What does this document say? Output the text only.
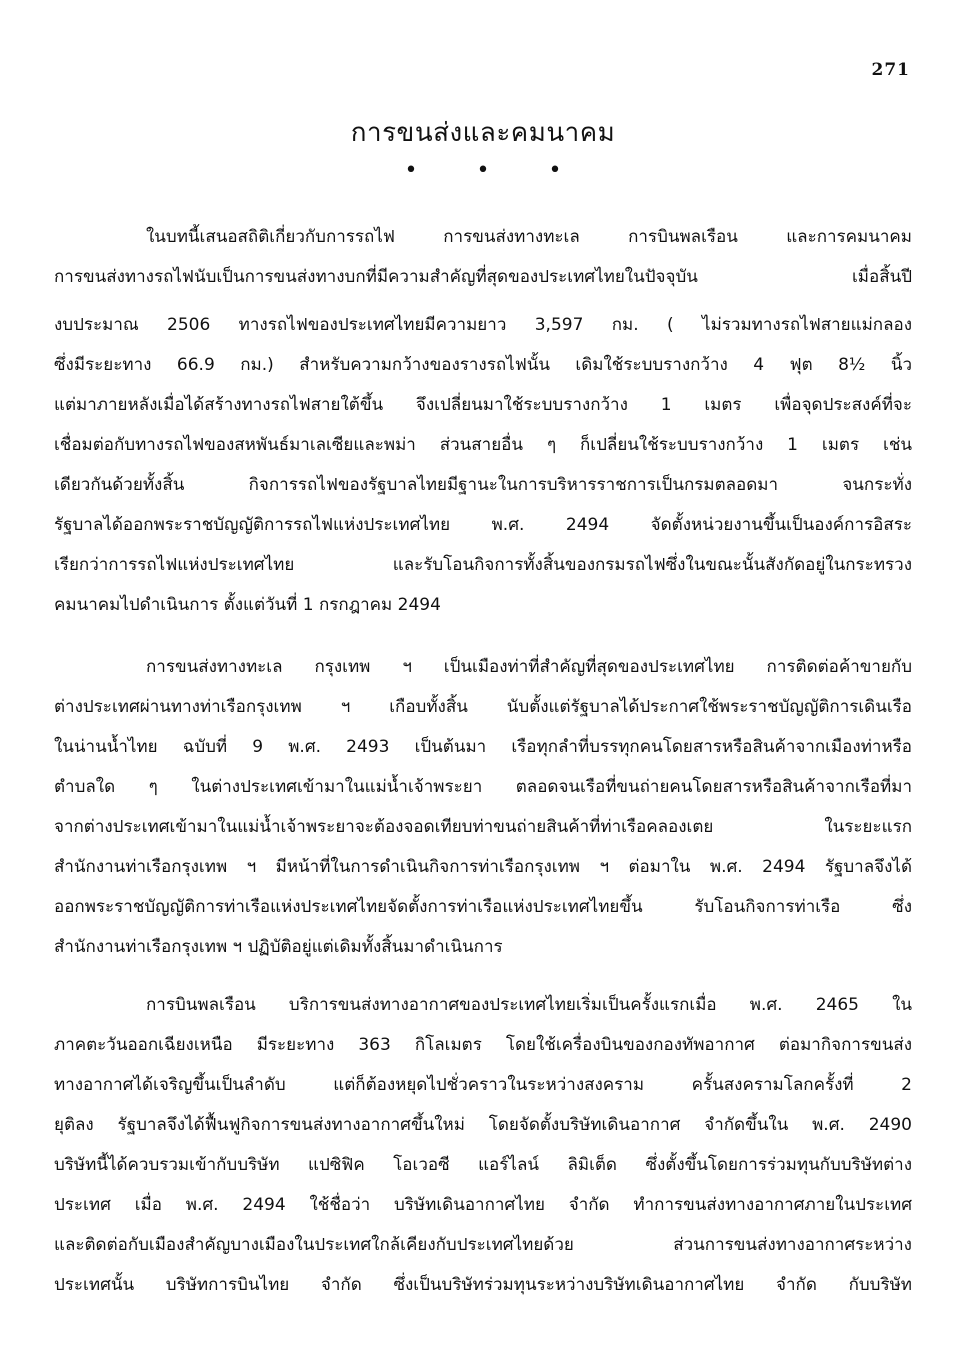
271
การขนส่งและคมนาคม
• • •
ในบทนี้เสนอสถิติเกี่ยวกับการรถไฟ การขนส่งทางทะเล การบินพลเรือน และการคมนาคม
การขนส่งทางรถไฟนับเป็นการขนส่งทางบกที่มีความสำคัญที่สุดของประเทศไทยในปัจจุบัน เมื่อสิ้นปี
งบประมาณ 2506 ทางรถไฟของประเทศไทยมีความยาว 3,597 กม. ( ไม่รวมทางรถไฟสายแม่กลอง
ซึ่งมีระยะทาง 66.9 กม.) สำหรับความกว้างของรางรถไฟนั้น เดิมใช้ระบบรางกว้าง 4 ฟุต 8½ นิ้ว
แต่มาภายหลังเมื่อได้สร้างทางรถไฟสายใต้ขึ้น จึงเปลี่ยนมาใช้ระบบรางกว้าง 1 เมตร เพื่อจุดประสงค์ที่จะ
เชื่อมต่อกับทางรถไฟของสหพันธ์มาเลเซียและพม่า ส่วนสายอื่น ๆ ก็เปลี่ยนใช้ระบบรางกว้าง 1 เมตร เช่น
เดียวกันด้วยทั้งสิ้น กิจการรถไฟของรัฐบาลไทยมีฐานะในการบริหารราชการเป็นกรมตลอดมา จนกระทั่ง
รัฐบาลได้ออกพระราชบัญญัติการรถไฟแห่งประเทศไทย พ.ศ. 2494 จัดตั้งหน่วยงานขึ้นเป็นองค์การอิสระ
เรียกว่าการรถไฟแห่งประเทศไทย และรับโอนกิจการทั้งสิ้นของกรมรถไฟซึ่งในขณะนั้นสังกัดอยู่ในกระทรวง
คมนาคมไปดำเนินการ ตั้งแต่วันที่ 1 กรกฎาคม 2494
การขนส่งทางทะเล กรุงเทพ ฯ เป็นเมืองท่าที่สำคัญที่สุดของประเทศไทย การติดต่อค้าขายกับ
ต่างประเทศผ่านทางท่าเรือกรุงเทพ ฯ เกือบทั้งสิ้น นับตั้งแต่รัฐบาลได้ประกาศใช้พระราชบัญญัติการเดินเรือ
ในน่านน้ำไทย ฉบับที่ 9 พ.ศ. 2493 เป็นต้นมา เรือทุกลำที่บรรทุกคนโดยสารหรือสินค้าจากเมืองท่าหรือ
ตำบลใด ๆ ในต่างประเทศเข้ามาในแม่น้ำเจ้าพระยา ตลอดจนเรือที่ขนถ่ายคนโดยสารหรือสินค้าจากเรือที่มา
จากต่างประเทศเข้ามาในแม่น้ำเจ้าพระยาจะต้องจอดเทียบท่าขนถ่ายสินค้าที่ท่าเรือคลองเตย ในระยะแรก
สำนักงานท่าเรือกรุงเทพ ฯ มีหน้าที่ในการดำเนินกิจการท่าเรือกรุงเทพ ฯ ต่อมาใน พ.ศ. 2494 รัฐบาลจึงได้
ออกพระราชบัญญัติการท่าเรือแห่งประเทศไทยจัดตั้งการท่าเรือแห่งประเทศไทยขึ้น รับโอนกิจการท่าเรือ ซึ่ง
สำนักงานท่าเรือกรุงเทพ ฯ ปฏิบัติอยู่แต่เดิมทั้งสิ้นมาดำเนินการ
การบินพลเรือน บริการขนส่งทางอากาศของประเทศไทยเริ่มเป็นครั้งแรกเมื่อ พ.ศ. 2465 ใน
ภาคตะวันออกเฉียงเหนือ มีระยะทาง 363 กิโลเมตร โดยใช้เครื่องบินของกองทัพอากาศ ต่อมากิจการขนส่ง
ทางอากาศได้เจริญขึ้นเป็นลำดับ แต่ก็ต้องหยุดไปชั่วคราวในระหว่างสงคราม ครั้นสงครามโลกครั้งที่ 2
ยุติลง รัฐบาลจึงได้ฟื้นฟูกิจการขนส่งทางอากาศขึ้นใหม่ โดยจัดตั้งบริษัทเดินอากาศ จำกัดขึ้นใน พ.ศ. 2490
บริษัทนี้ได้ควบรวมเข้ากับบริษัท แปซิฟิค โอเวอซี แอร์ไลน์ ลิมิเต็ด ซึ่งตั้งขึ้นโดยการร่วมทุนกับบริษัทต่าง
ประเทศ เมื่อ พ.ศ. 2494 ใช้ชื่อว่า บริษัทเดินอากาศไทย จำกัด ทำการขนส่งทางอากาศภายในประเทศ
และติดต่อกับเมืองสำคัญบางเมืองในประเทศใกล้เคียงกับประเทศไทยด้วย ส่วนการขนส่งทางอากาศระหว่าง
ประเทศนั้น บริษัทการบินไทย จำกัด ซึ่งเป็นบริษัทร่วมทุนระหว่างบริษัทเดินอากาศไทย จำกัด กับบริษัท
